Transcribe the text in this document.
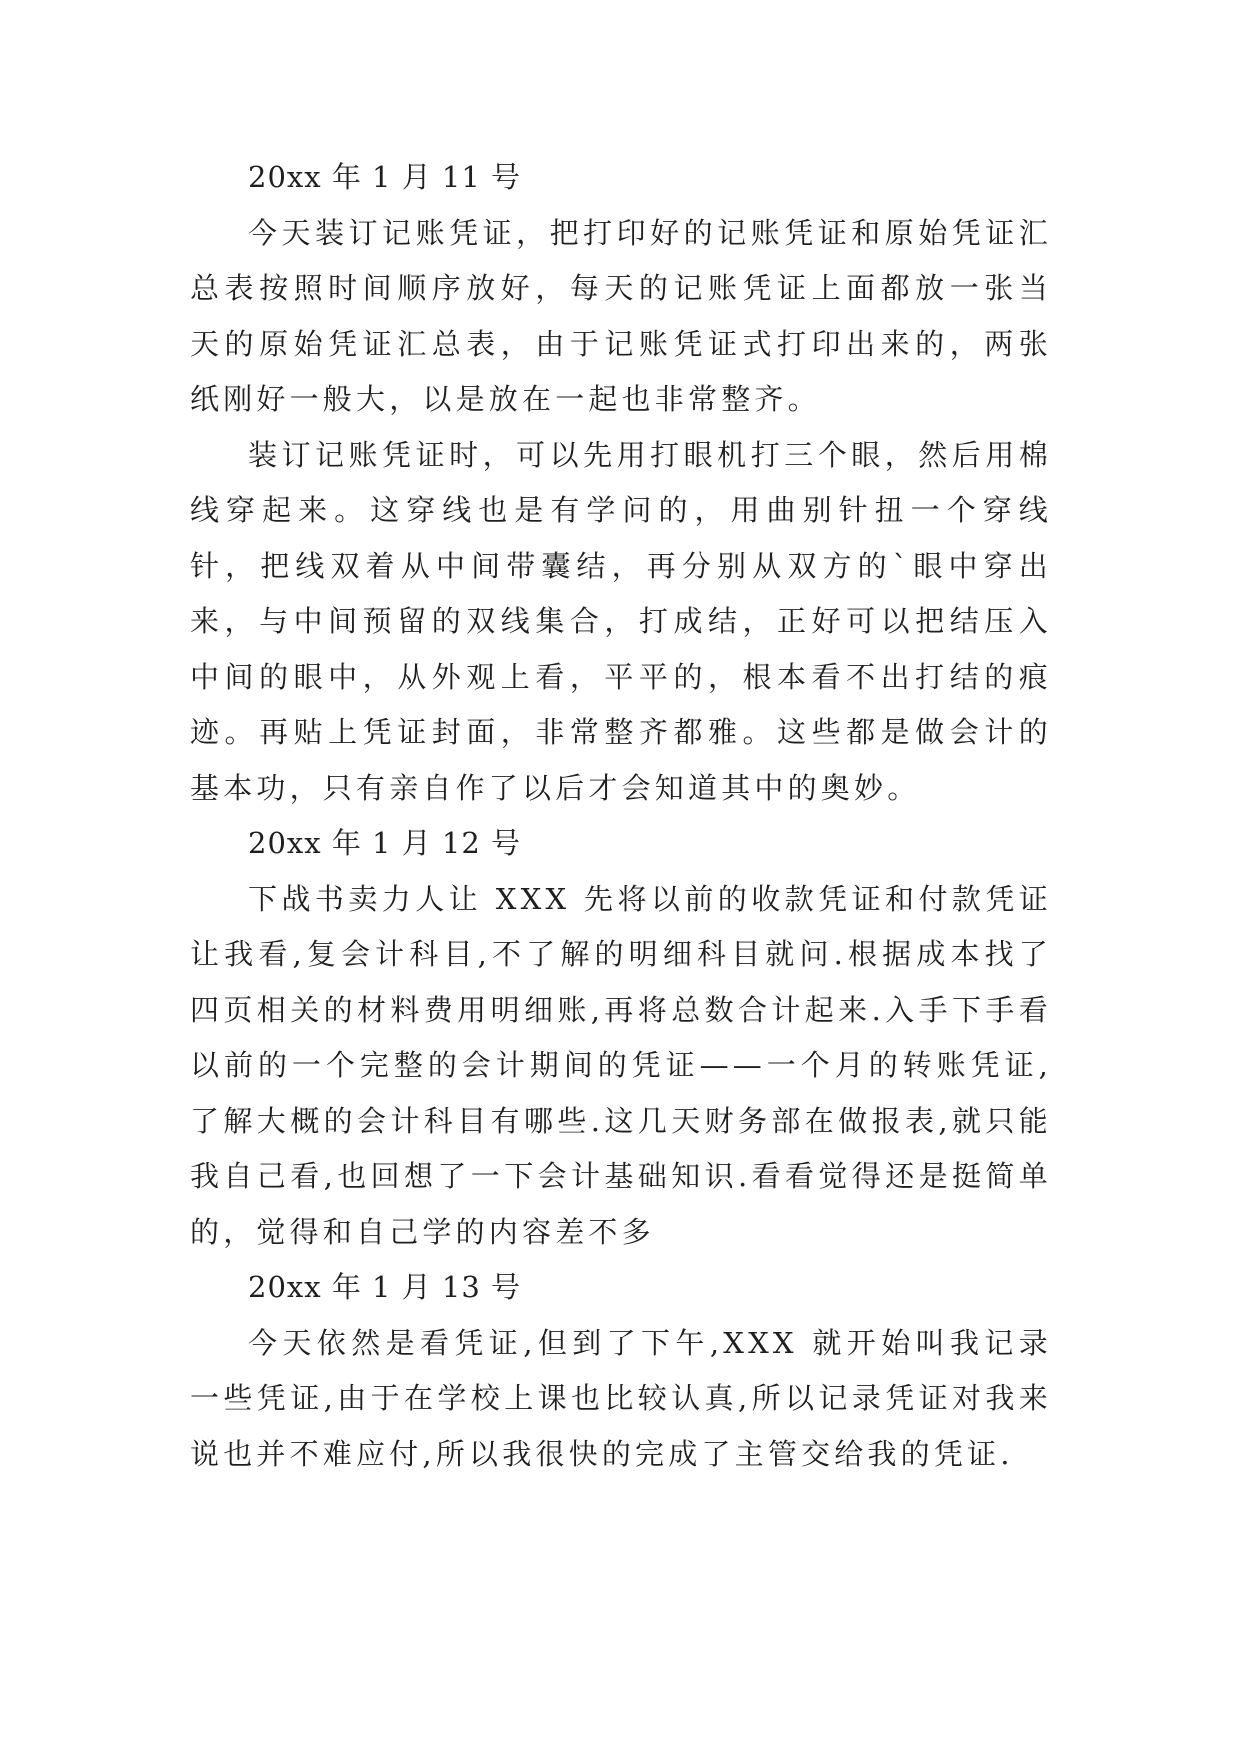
20xx 年 1 月 11 号

今天装订记账凭证，把打印好的记账凭证和原始凭证汇总表按照时间顺序放好，每天的记账凭证上面都放一张当天的原始凭证汇总表，由于记账凭证式打印出来的，两张纸刚好一般大，以是放在一起也非常整齐。

装订记账凭证时，可以先用打眼机打三个眼，然后用棉线穿起来。这穿线也是有学问的，用曲别针扭一个穿线针，把线双着从中间带囊结，再分别从双方的`眼中穿出来，与中间预留的双线集合，打成结，正好可以把结压入中间的眼中，从外观上看，平平的，根本看不出打结的痕迹。再贴上凭证封面，非常整齐都雅。这些都是做会计的基本功，只有亲自作了以后才会知道其中的奥妙。

20xx 年 1 月 12 号

下战书卖力人让 XXX 先将以前的收款凭证和付款凭证让我看,复会计科目,不了解的明细科目就问.根据成本找了四页相关的材料费用明细账,再将总数合计起来.入手下手看以前的一个完整的会计期间的凭证——一个月的转账凭证,了解大概的会计科目有哪些.这几天财务部在做报表,就只能我自己看,也回想了一下会计基础知识.看看觉得还是挺简单的，觉得和自己学的内容差不多

20xx 年 1 月 13 号

今天依然是看凭证,但到了下午,XXX 就开始叫我记录一些凭证,由于在学校上课也比较认真,所以记录凭证对我来说也并不难应付,所以我很快的完成了主管交给我的凭证.
